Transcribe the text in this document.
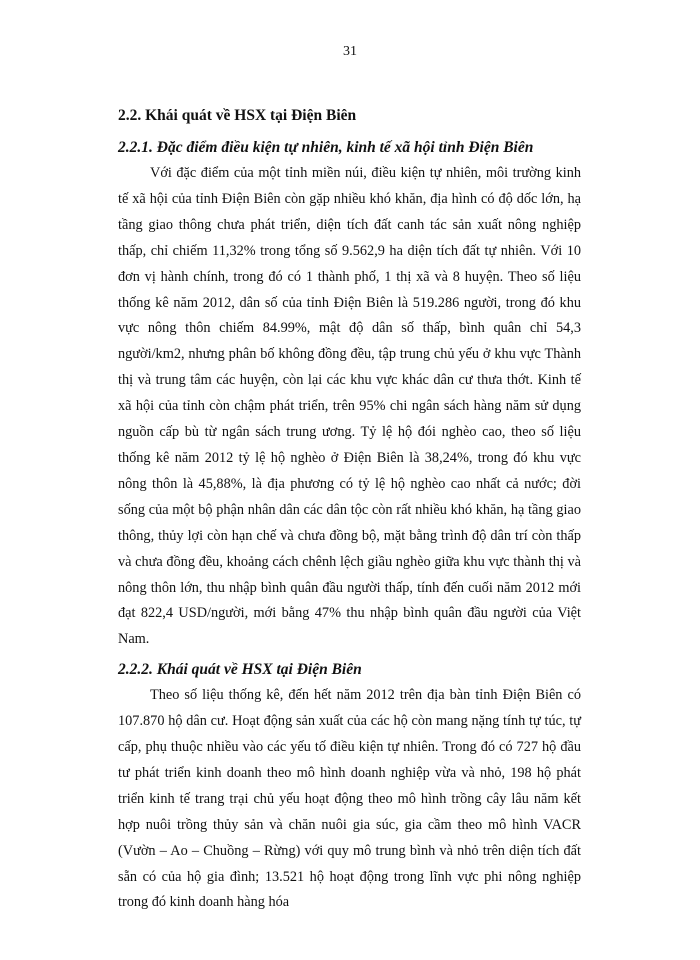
31
2.2. Khái quát về HSX tại Điện Biên
2.2.1. Đặc điểm điều kiện tự nhiên, kinh tế xã hội tỉnh Điện Biên

Với đặc điểm của một tỉnh miền núi, điều kiện tự nhiên, môi trường kinh tế xã hội của tỉnh Điện Biên còn gặp nhiều khó khăn, địa hình có độ dốc lớn, hạ tầng giao thông chưa phát triển, diện tích đất canh tác sản xuất nông nghiệp thấp, chỉ chiếm 11,32% trong tổng số 9.562,9 ha diện tích đất tự nhiên. Với 10 đơn vị hành chính, trong đó có 1 thành phố, 1 thị xã và 8 huyện. Theo số liệu thống kê năm 2012, dân số của tỉnh Điện Biên là 519.286 người, trong đó khu vực nông thôn chiếm 84.99%, mật độ dân số thấp, bình quân chỉ 54,3 người/km2, nhưng phân bố không đồng đều, tập trung chủ yếu ở khu vực Thành thị và trung tâm các huyện, còn lại các khu vực khác dân cư thưa thớt. Kinh tế xã hội của tỉnh còn chậm phát triển, trên 95% chi ngân sách hàng năm sử dụng nguồn cấp bù từ ngân sách trung ương. Tỷ lệ hộ đói nghèo cao, theo số liệu thống kê năm 2012 tỷ lệ hộ nghèo ở Điện Biên là 38,24%, trong đó khu vực nông thôn là 45,88%, là địa phương có tỷ lệ hộ nghèo cao nhất cả nước; đời sống của một bộ phận nhân dân các dân tộc còn rất nhiều khó khăn, hạ tầng giao thông, thủy lợi còn hạn chế và chưa đồng bộ, mặt bằng trình độ dân trí còn thấp và chưa đồng đều, khoảng cách chênh lệch giầu nghèo giữa khu vực thành thị và nông thôn lớn, thu nhập bình quân đầu người thấp, tính đến cuối năm 2012 mới đạt 822,4 USD/người, mới bằng 47% thu nhập bình quân đầu người của Việt Nam.

2.2.2. Khái quát về HSX tại Điện Biên

Theo số liệu thống kê, đến hết năm 2012 trên địa bàn tỉnh Điện Biên có 107.870 hộ dân cư. Hoạt động sản xuất của các hộ còn mang nặng tính tự túc, tự cấp, phụ thuộc nhiều vào các yếu tố điều kiện tự nhiên. Trong đó có 727 hộ đầu tư phát triển kinh doanh theo mô hình doanh nghiệp vừa và nhỏ, 198 hộ phát triển kinh tế trang trại chủ yếu hoạt động theo mô hình trồng cây lâu năm kết hợp nuôi trồng thủy sản và chăn nuôi gia súc, gia cầm theo mô hình VACR (Vườn – Ao – Chuồng – Rừng) với quy mô trung bình và nhỏ trên diện tích đất sẵn có của hộ gia đình; 13.521 hộ hoạt động trong lĩnh vực phi nông nghiệp trong đó kinh doanh hàng hóa
